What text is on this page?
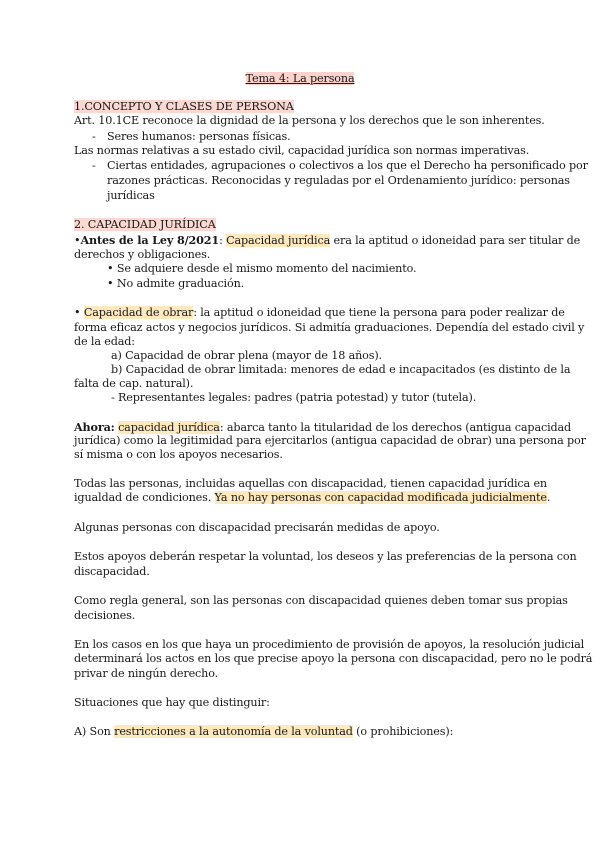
Tema 4: La persona
1.CONCEPTO Y CLASES DE PERSONA
Art. 10.1CE reconoce la dignidad de la persona y los derechos que le son inherentes.
- Seres humanos: personas físicas.
Las normas relativas a su estado civil, capacidad jurídica son normas imperativas.
- Ciertas entidades, agrupaciones o colectivos a los que el Derecho ha personificado por
razones prácticas. Reconocidas y reguladas por el Ordenamiento jurídico: personas
jurídicas
2. CAPACIDAD JURÍDICA
•Antes de la Ley 8/2021: Capacidad jurídica era la aptitud o idoneidad para ser titular de
derechos y obligaciones.
• Se adquiere desde el mismo momento del nacimiento.
• No admite graduación.
• Capacidad de obrar: la aptitud o idoneidad que tiene la persona para poder realizar de
forma eficaz actos y negocios jurídicos. Si admitía graduaciones. Dependía del estado civil y
de la edad:
a) Capacidad de obrar plena (mayor de 18 años).
b) Capacidad de obrar limitada: menores de edad e incapacitados (es distinto de la
falta de cap. natural).
- Representantes legales: padres (patria potestad) y tutor (tutela).
Ahora: capacidad jurídica: abarca tanto la titularidad de los derechos (antigua capacidad
jurídica) como la legitimidad para ejercitarlos (antigua capacidad de obrar) una persona por
sí misma o con los apoyos necesarios.
Todas las personas, incluidas aquellas con discapacidad, tienen capacidad jurídica en
igualdad de condiciones. Ya no hay personas con capacidad modificada judicialmente.
Algunas personas con discapacidad precisarán medidas de apoyo.
Estos apoyos deberán respetar la voluntad, los deseos y las preferencias de la persona con
discapacidad.
Como regla general, son las personas con discapacidad quienes deben tomar sus propias
decisiones.
En los casos en los que haya un procedimiento de provisión de apoyos, la resolución judicial
determinará los actos en los que precise apoyo la persona con discapacidad, pero no le podrá
privar de ningún derecho.
Situaciones que hay que distinguir:
A) Son restricciones a la autonomía de la voluntad (o prohibiciones):
